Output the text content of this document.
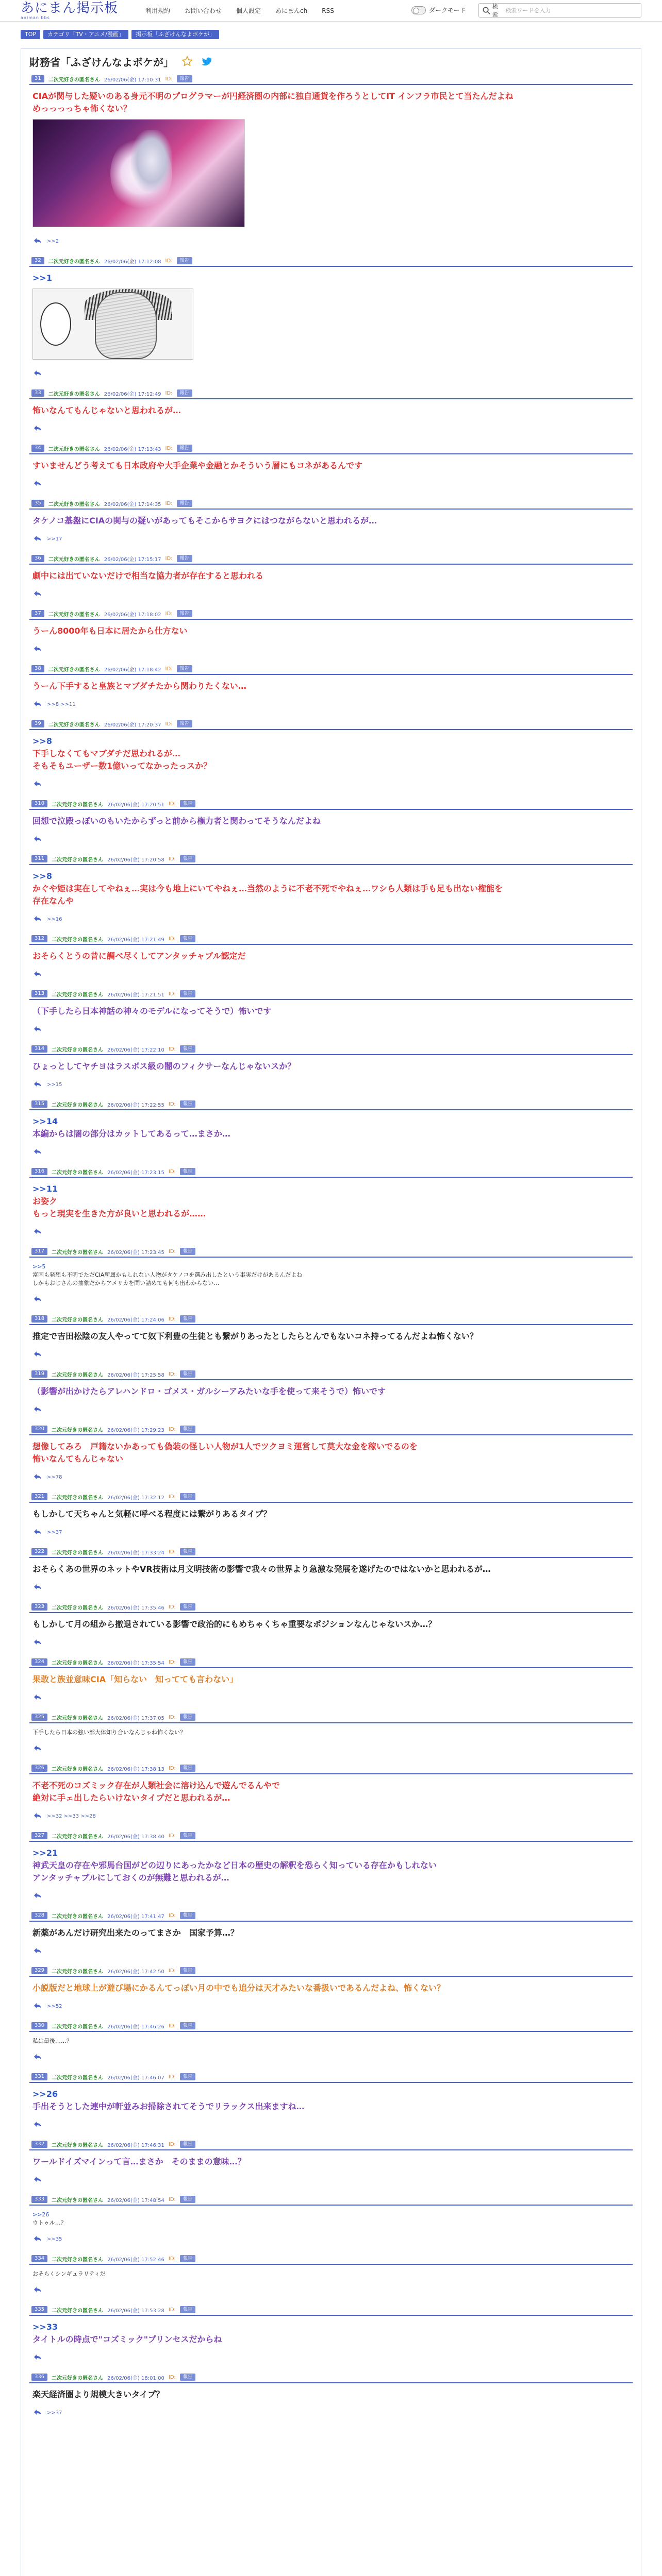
あにまん掲示板
animan bbs
利用規約	お問い合わせ	個人設定	あにまんch	RSS	ダークモード
検索
検索ワードを入力
TOP	カテゴリ「TV・アニメ/漫画」	掲示板「ふざけんなよボケが」
財務省「ふざけんなよボケが」
31	二次元好きの匿名さん 26/02/06(金) 17:10:31 ID:	報告
CIAが関与した疑いのある身元不明のプログラマーが円経済圏の内部に独自通貨を作ろうとしてIT インフラ市民とて当たんだよね
めっっっっちゃ怖くない？
>>2
32	二次元好きの匿名さん 26/02/06(金) 17:12:08 ID:	報告
>>1
33	二次元好きの匿名さん 26/02/06(金) 17:12:49 ID:	報告
怖いなんてもんじゃないと思われるが…
34	二次元好きの匿名さん 26/02/06(金) 17:13:43 ID:	報告
すいませんどう考えても日本政府や大手企業や金融とかそういう層にもコネがあるんです
35	二次元好きの匿名さん 26/02/06(金) 17:14:35 ID:	報告
タケノコ基盤にCIAの関与の疑いがあってもそこからサヨクにはつながらないと思われるが…
>>17
36	二次元好きの匿名さん 26/02/06(金) 17:15:17 ID:	報告
劇中には出ていないだけで相当な協力者が存在すると思われる
37	二次元好きの匿名さん 26/02/06(金) 17:18:02 ID:	報告
うーん8000年も日本に居たから仕方ない
38	二次元好きの匿名さん 26/02/06(金) 17:18:42 ID:	報告
うーん下手すると皇族とマブダチたから関わりたくない…
>>8 >>11
39	二次元好きの匿名さん 26/02/06(金) 17:20:37 ID:	報告
>>8
下手しなくてもマブダチだ思われるが…
そもそもユーザー数1億いってなかったっスか？
310	二次元好きの匿名さん 26/02/06(金) 17:20:51 ID:	報告
回想で泣殿っぽいのもいたからずっと前から権力者と関わってそうなんだよね
311	二次元好きの匿名さん 26/02/06(金) 17:20:58 ID:	報告
>>8
かぐや姫は実在してやねぇ…実は今も地上にいてやねぇ…当然のように不老不死でやねぇ…ワシら人類は手も足も出ない権能を
存在なんや
>>16
312	二次元好きの匿名さん 26/02/06(金) 17:21:49 ID:	報告
おそらくとうの昔に調べ尽くしてアンタッチャブル認定だ
313	二次元好きの匿名さん 26/02/06(金) 17:21:51 ID:	報告
（下手したら日本神話の神々のモデルになってそうで）怖いです
314	二次元好きの匿名さん 26/02/06(金) 17:22:10 ID:	報告
ひょっとしてヤチヨはラスボス級の闇のフィクサーなんじゃないスか？
>>15
315	二次元好きの匿名さん 26/02/06(金) 17:22:55 ID:	報告
>>14
本編からは闇の部分はカットしてあるって…まさか…
316	二次元好きの匿名さん 26/02/06(金) 17:23:15 ID:	報告
>>11
お姿ク
もっと現実を生きた方が良いと思われるが……
317	二次元好きの匿名さん 26/02/06(金) 17:23:45 ID:	報告
>>5
富国も発想も不明でただCIA所属かもしれない人物がタケノコを選み出したという事実だけがあるんだよね
しかもおじさんの抽象だからアメリカを問い詰めても何も出わからない…
318	二次元好きの匿名さん 26/02/06(金) 17:24:06 ID:	報告
推定で吉田松陰の友人やってて奴下利豊の生徒とも繋がりあったとしたらとんでもないコネ持ってるんだよね怖くない？
319	二次元好きの匿名さん 26/02/06(金) 17:25:58 ID:	報告
（影響が出かけたらアレハンドロ・ゴメス・ガルシーアみたいな手を使って来そうで）怖いです
320	二次元好きの匿名さん 26/02/06(金) 17:29:23 ID:	報告
想像してみろ　戸籍ないかあっても偽装の怪しい人物が1人でツクヨミ運営して莫大な金を稼いでるのを
怖いなんてもんじゃない
>>78
321	二次元好きの匿名さん 26/02/06(金) 17:32:12 ID:	報告
もしかして天ちゃんと気軽に呼べる程度には繋がりあるタイプ？
>>37
322	二次元好きの匿名さん 26/02/06(金) 17:33:24 ID:	報告
おそらくあの世界のネットやVR技術は月文明技術の影響で我々の世界より急激な発展を遂げたのではないかと思われるが…
323	二次元好きの匿名さん 26/02/06(金) 17:35:46 ID:	報告
もしかして月の組から撤退されている影響で政治的にもめちゃくちゃ重要なポジションなんじゃないスか…？
324	二次元好きの匿名さん 26/02/06(金) 17:35:54 ID:	報告
果敢と族並意味CIA「知らない　知ってても言わない」
325	二次元好きの匿名さん 26/02/06(金) 17:37:05 ID:	報告
下手したら日本の強い部大体知り合いなんじゃね怖くない？
326	二次元好きの匿名さん 26/02/06(金) 17:38:13 ID:	報告
不老不死のコズミック存在が人類社会に溶け込んで遊んでるんやで
絶対に手ェ出したらいけないタイプだと思われるが…
>>32 >>33 >>28
327	二次元好きの匿名さん 26/02/06(金) 17:38:40 ID:	報告
>>21
神武天皇の存在や邪馬台国がどの辺りにあったかなど日本の歴史の解釈を恐らく知っている存在かもしれない
アンタッチャブルにしておくのが無難と思われるが…
328	二次元好きの匿名さん 26/02/06(金) 17:41:47 ID:	報告
新薬があんだけ研究出来たのってまさか　国家予算…？
329	二次元好きの匿名さん 26/02/06(金) 17:42:50 ID:	報告
小説版だと地球上が遊び場にかるんてっぽい月の中でも追分は天才みたいな番扱いであるんだよね、怖くない？
>>52
330	二次元好きの匿名さん 26/02/06(金) 17:46:26 ID:	報告
私は最後……？
331	二次元好きの匿名さん 26/02/06(金) 17:46:07 ID:	報告
>>26
手出そうとした連中が軒並みお掃除されてそうでリラックス出来ますね…
332	二次元好きの匿名さん 26/02/06(金) 17:46:31 ID:	報告
ワールドイズマインって言…まさか　そのままの意味…？
333	二次元好きの匿名さん 26/02/06(金) 17:48:54 ID:	報告
>>26
ウトゥル…？
>>35
334	二次元好きの匿名さん 26/02/06(金) 17:52:46 ID:	報告
おそらくシンギュラリティだ
335	二次元好きの匿名さん 26/02/06(金) 17:53:28 ID:	報告
>>33
タイトルの時点で"コズミック"プリンセスだからね
336	二次元好きの匿名さん 26/02/06(金) 18:01:00 ID:	報告
楽天経済圏より規模大きいタイプ？
>>37
